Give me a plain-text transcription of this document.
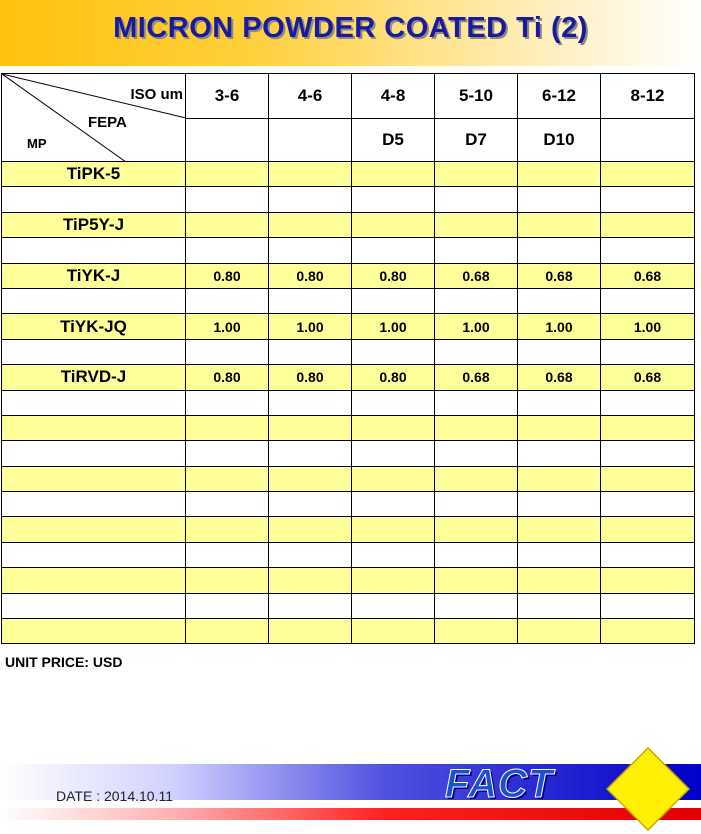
MICRON POWDER COATED Ti (2)
ISO um
FEPA
MP	3-6	4-6	4-8	5-10	6-12	8-12
			D5	D7	D10	
TiPK-5						

TiP5Y-J						

TiYK-J	0.80	0.80	0.80	0.68	0.68	0.68

TiYK-JQ	1.00	1.00	1.00	1.00	1.00	1.00

TiRVD-J	0.80	0.80	0.80	0.68	0.68	0.68

UNIT PRICE: USD
DATE : 2014.10.11	FACT
